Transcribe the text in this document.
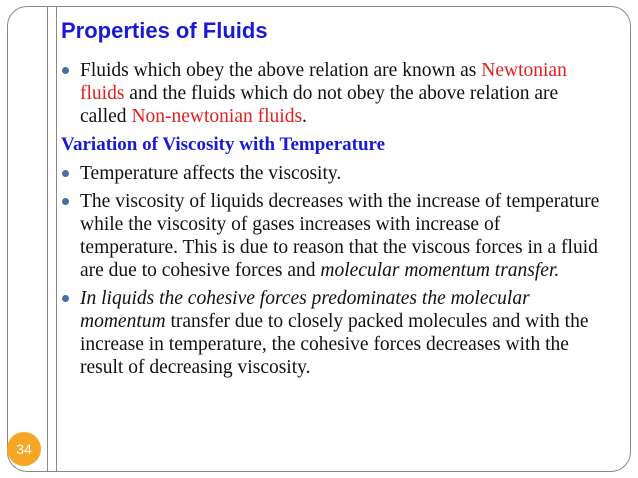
Properties of Fluids
Fluids which obey the above relation are known as Newtonian fluids and the fluids which do not obey the above relation are called Non-newtonian fluids.
Variation of Viscosity with Temperature
Temperature affects the viscosity.
The viscosity of liquids decreases with the increase of temperature while the viscosity of gases increases with increase of temperature. This is due to reason that the viscous forces in a fluid are due to cohesive forces and molecular momentum transfer.
In liquids the cohesive forces predominates the molecular momentum transfer due to closely packed molecules and with the increase in temperature, the cohesive forces decreases with the result of decreasing viscosity.
34
